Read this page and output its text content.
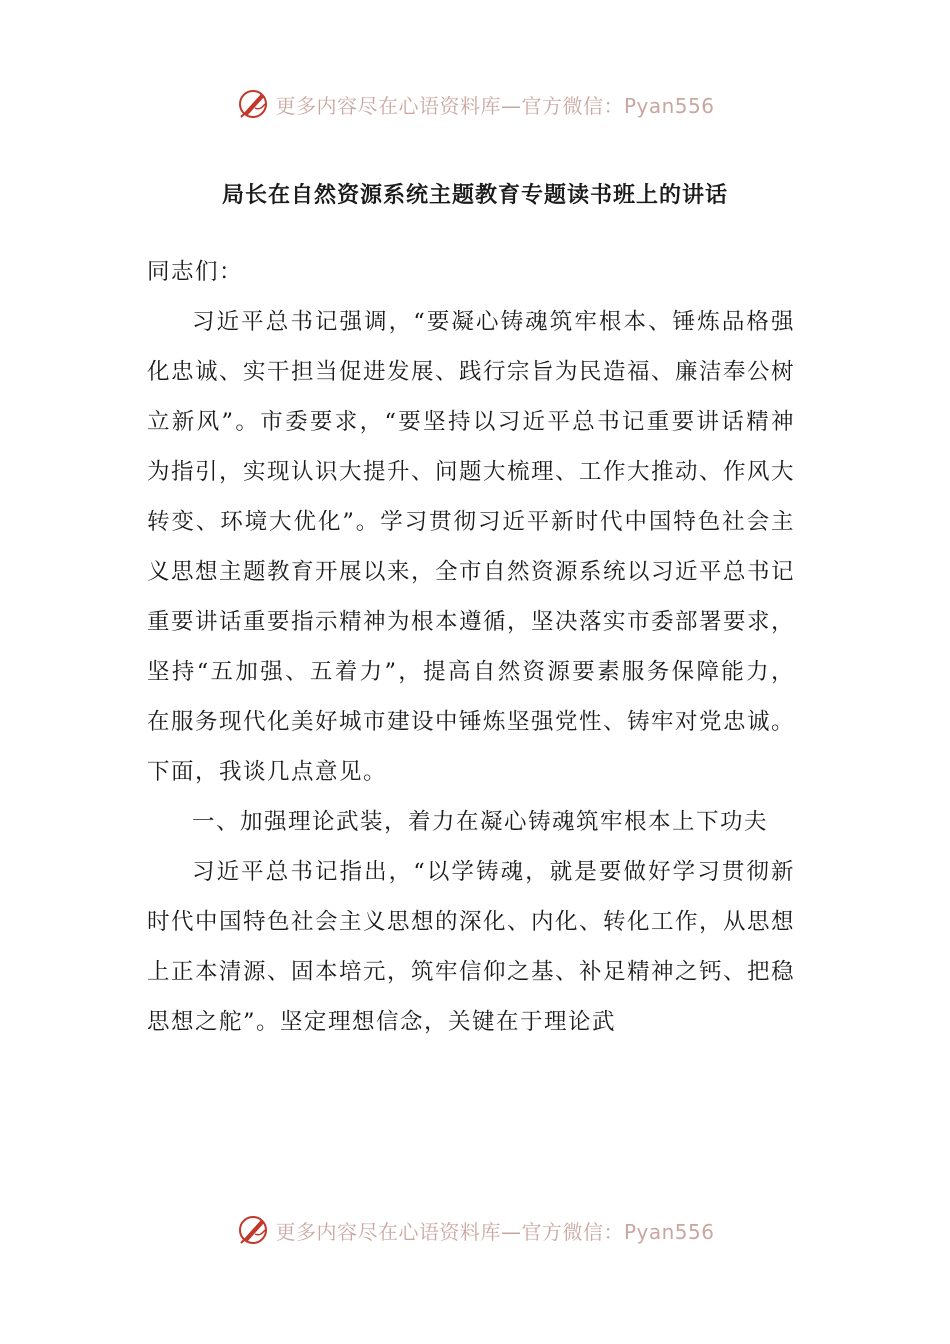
更多内容尽在心语资料库—官方微信：Pyan556
局长在自然资源系统主题教育专题读书班上的讲话

同志们：

习近平总书记强调，“要凝心铸魂筑牢根本、锤炼品格强化忠诚、实干担当促进发展、践行宗旨为民造福、廉洁奉公树立新风”。市委要求，“要坚持以习近平总书记重要讲话精神为指引，实现认识大提升、问题大梳理、工作大推动、作风大转变、环境大优化”。学习贯彻习近平新时代中国特色社会主义思想主题教育开展以来，全市自然资源系统以习近平总书记重要讲话重要指示精神为根本遵循，坚决落实市委部署要求，坚持“五加强、五着力”，提高自然资源要素服务保障能力，在服务现代化美好城市建设中锤炼坚强党性、铸牢对党忠诚。下面，我谈几点意见。

一、加强理论武装，着力在凝心铸魂筑牢根本上下功夫

习近平总书记指出，“以学铸魂，就是要做好学习贯彻新时代中国特色社会主义思想的深化、内化、转化工作，从思想上正本清源、固本培元，筑牢信仰之基、补足精神之钙、把稳思想之舵”。坚定理想信念，关键在于理论武

更多内容尽在心语资料库—官方微信：Pyan556
